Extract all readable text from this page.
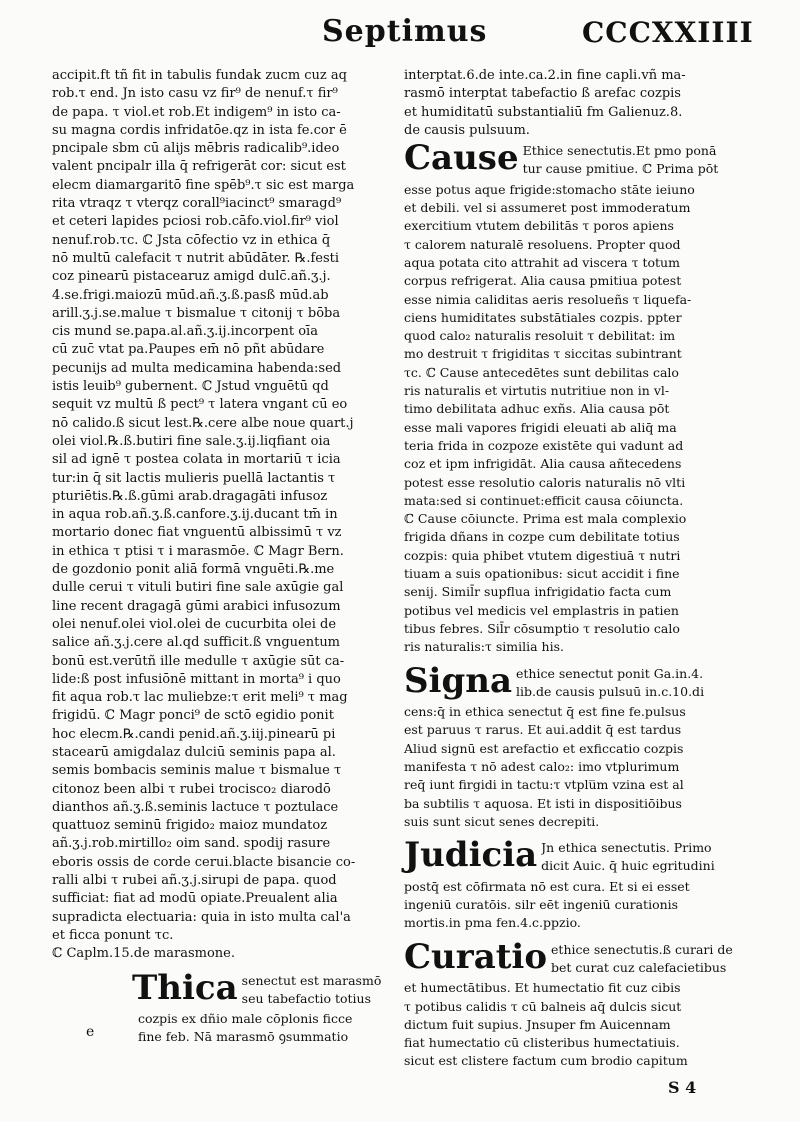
Septimus	CCCXXIIII
accipit.ft tñ fit in tabulis fundak zucm cuz aq
rob.τ end. Jn isto casu vz fir⁹ de nenuf.τ fir⁹
de papa. τ viol.et rob.Et indigem⁹ in isto ca-
su magna cordis infridatōe.qz in ista fe.cor ē
pncipale sbm cū alijs mēbris radicalib⁹.ideo
valent pncipalr illa q̄ refrigerāt cor: sicut est
elecm diamargaritō fine spēb⁹.τ sic est marga
rita vtraqz τ vterqz corall⁹iacinct⁹ smaragd⁹
et ceteri lapides pciosi rob.cāfo.viol.fir⁹ viol
nenuf.rob.τc. ℂ Jsta cōfectio vz in ethica q̄
nō multū calefacit τ nutrit abūdāter. ℞.festi
coz pinearū pistacearuz amigd dulc̄.añ.ʒ.j.
4.se.frigi.maiozū mūd.añ.ʒ.ß.pasß mūd.ab
arill.ʒ.j.se.malue τ bismalue τ citonij τ bōba
cis mund se.papa.al.añ.ʒ.ij.incorpent oīa
cū zuc̄ vtat pa.Paupes em̄ nō pñt abūdare
pecunijs ad multa medicamina habenda:sed
istis leuib⁹ gubernent. ℂ Jstud vnguētū qd
sequit vz multū ß pect⁹ τ latera vngant cū eo
nō calido.ß sicut lest.℞.cere albe noue quart.j
olei viol.℞.ß.butiri fine sale.ʒ.ij.liqfiant oia
sil ad ignē τ postea colata in mortariū τ icia
tur:in q̄ sit lactis mulieris puellā lactantis τ
pturiētis.℞.ß.gūmi arab.dragagāti infusoz
in aqua rob.añ.ʒ.ß.canfore.ʒ.ij.ducant tm̄ in
mortario donec fiat vnguentū albissimū τ vz
in ethica τ ptisi τ i marasmōe. ℂ Magr Bern.
de gozdonio ponit aliā formā vnguēti.℞.me
dulle cerui τ vituli butiri fine sale axūgie gal
line recent dragagā gūmi arabici infusozum
olei nenuf.olei viol.olei de cucurbita olei de
salice añ.ʒ.j.cere al.qd sufficit.ß vnguentum
bonū est.verūtñ ille medulle τ axūgie sūt ca-
lide:ß post infusiōnē mittant in morta⁹ i quo
fit aqua rob.τ lac muliebze:τ erit meli⁹ τ mag
frigidū. ℂ Magr ponci⁹ de sctō egidio ponit
hoc elecm.℞.candi penid.añ.ʒ.iij.pinearū pi
stacearū amigdalaz dulciū seminis papa al.
semis bombacis seminis malue τ bismalue τ
citonoz been albi τ rubei trocisco₂ diarodō
dianthos añ.ʒ.ß.seminis lactuce τ poztulace
quattuoz seminū frigido₂ maioz mundatoz
añ.ʒ.j.rob.mirtillo₂ oim sand. spodij rasure
eboris ossis de corde cerui.blacte bisancie co-
ralli albi τ rubei añ.ʒ.j.sirupi de papa. quod
sufficiat: fiat ad modū opiate.Preualent alia
supradicta electuaria: quia in isto multa cal'a
et ficca ponunt τc.
ℂ Caplm.15.de marasmone.
Thica senectut est marasmō
seu tabefactio totius
cozpis ex dñio male cōplonis ficce
fine feb. Nā marasmō ꝯsummatio
interptat.6.de inte.ca.2.in fine capli.vñ ma-
rasmō interptat tabefactio ß arefac cozpis
et humiditatū substantialiū fm Galienuz.8.
de causis pulsuum.
Cause Ethice senectutis.Et pmo ponā
tur cause pmitiue. ℂ Prima pōt
esse potus aque frigide:stomacho stāte ieiuno
et debili. vel si assumeret post immoderatum
exercitium vtutem debilitās τ poros apiens
τ calorem naturalē resoluens. Propter quod
aqua potata cito attrahit ad viscera τ totum
corpus refrigerat. Alia causa pmitiua potest
esse nimia caliditas aeris resolueñs τ liquefa-
ciens humiditates substātiales cozpis. ppter
quod calo₂ naturalis resoluit τ debilitat: im
mo destruit τ frigiditas τ siccitas subintrant
τc. ℂ Cause antecedētes sunt debilitas calo
ris naturalis et virtutis nutritiue non in vl-
timo debilitata adhuc exñs. Alia causa pōt
esse mali vapores frigidi eleuati ab aliq̄ ma
teria frida in cozpoze existēte qui vadunt ad
coz et ipm infrigidāt. Alia causa añtecedens
potest esse resolutio caloris naturalis nō vlti
mata:sed si continuet:efficit causa cōiuncta.
ℂ Cause cōiuncte. Prima est mala complexio
frigida dñans in cozpe cum debilitate totius
cozpis: quia phibet vtutem digestiuā τ nutri
tiuam a suis opationibus: sicut accidit i fine
senij. Simil̄r supflua infrigidatio facta cum
potibus vel medicis vel emplastris in patien
tibus febres. Sil̄r cōsumptio τ resolutio calo
ris naturalis:τ similia his.
Signa ethice senectut ponit Ga.in.4.
lib.de causis pulsuū in.c.10.di
cens:q̄ in ethica senectut q̄ est fine fe.pulsus
est paruus τ rarus. Et aui.addit q̄ est tardus
Aliud signū est arefactio et exficcatio cozpis
manifesta τ nō adest calo₂: imo vtplurimum
req̄ iunt firgidi in tactu:τ vtplu̅m vzina est al
ba subtilis τ aquosa. Et isti in dispositiōibus
suis sunt sicut senes decrepiti.
Judicia Jn ethica senectutis. Primo
dicit Auic. q̄ huic egritudini
postq̄ est cōfirmata nō est cura. Et si ei esset
ingeniū curatōis. silr eēt ingeniū curationis
mortis.in pma fen.4.c.ppzio.
Curatio ethice senectutis.ß curari de
bet curat cuz calefacietibus
et humectātibus. Et humectatio fit cuz cibis
τ potibus calidis τ cū balneis aq̄ dulcis sicut
dictum fuit supius. Jnsuper fm Auicennam
fiat humectatio cū clisteribus humectatiuis.
sicut est clistere factum cum brodio capitum
e
S 4
